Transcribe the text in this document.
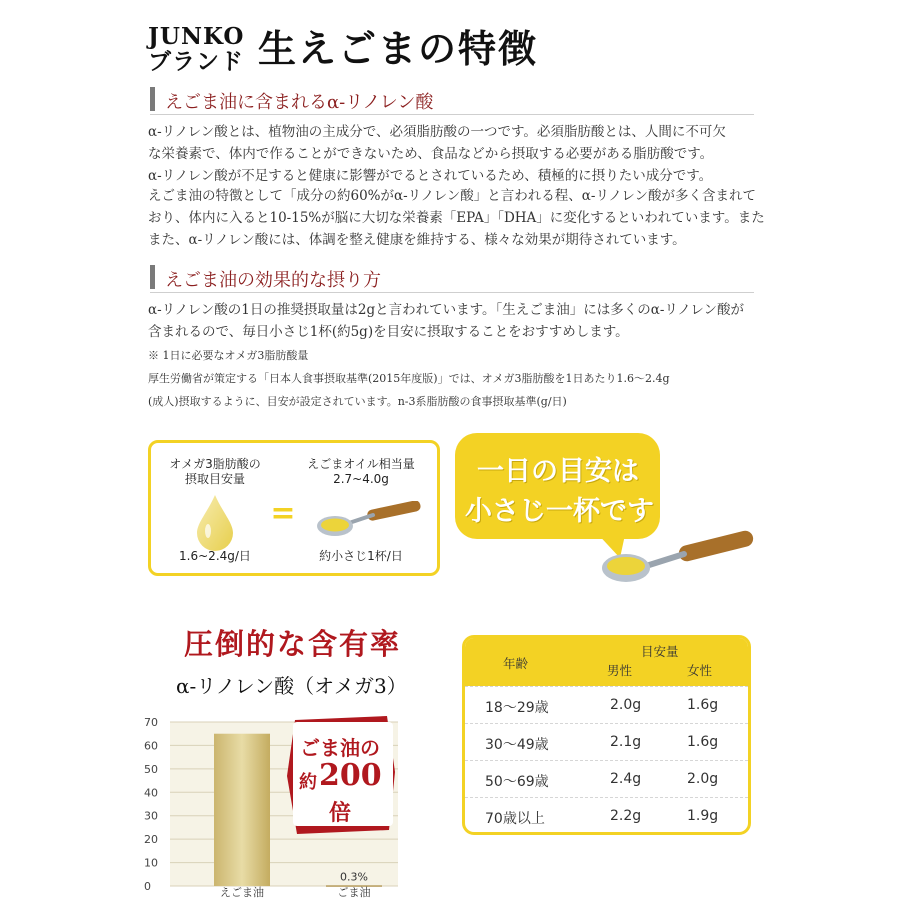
JUNKO
ブランド 生えごまの特徴
えごま油に含まれるα-リノレン酸

α-リノレン酸とは、植物油の主成分で、必須脂肪酸の一つです。必須脂肪酸とは、人間に不可欠

な栄養素で、体内で作ることができないため、食品などから摂取する必要がある脂肪酸です。

α-リノレン酸が不足すると健康に影響がでるとされているため、積極的に摂りたい成分です。

えごま油の特徴として「成分の約60%がα-リノレン酸」と言われる程、α-リノレン酸が多く含まれて

おり、体内に入ると10-15%が脳に大切な栄養素「EPA」「DHA」に変化するといわれています。また

また、α-リノレン酸には、体調を整え健康を維持する、様々な効果が期待されています。

えごま油の効果的な摂り方

α-リノレン酸の1日の推奨摂取量は2gと言われています。「生えごま油」には多くのα-リノレン酸が

含まれるので、毎日小さじ1杯(約5g)を目安に摂取することをおすすめします。

※ 1日に必要なオメガ3脂肪酸量
厚生労働省が策定する「日本人食事摂取基準(2015年度版)」では、オメガ3脂肪酸を1日あたり1.6～2.4g
(成人)摂取するように、目安が設定されています。n-3系脂肪酸の食事摂取基準(g/日)
オメガ3脂肪酸の
摂取目安量
1.6~2.4g/日
=
えごまオイル相当量
2.7~4.0g
約小さじ1杯/日
一日の目安は
小さじ一杯です
圧倒的な含有率
α-リノレン酸（オメガ3）
0
10
20
30
40
50
60
70
えごま油	ごま油
0.3%
ごま油の
約 200
倍
年齢
目安量
男性	女性
18～29歳	2.0g	1.6g
30～49歳	2.1g	1.6g
50～69歳	2.4g	2.0g
70歳以上	2.2g	1.9g
